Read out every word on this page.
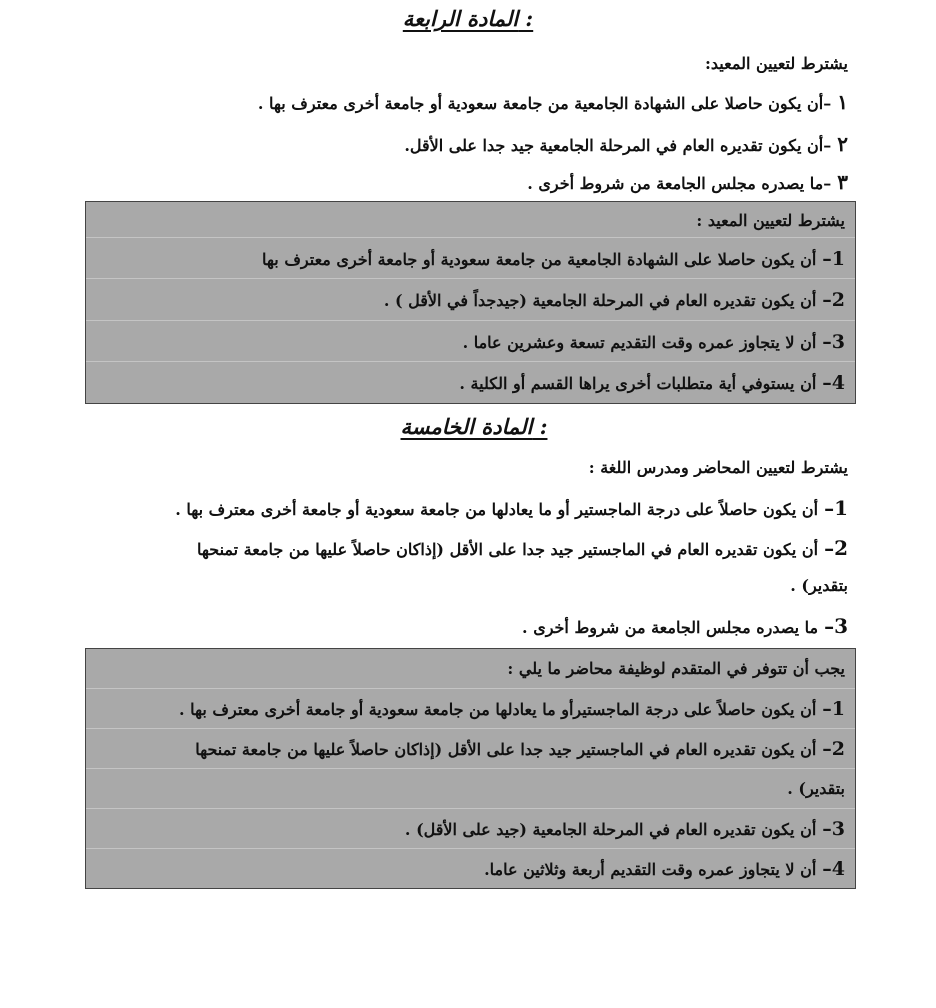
المادة الرابعة :
يشترط لتعيين المعيد:
١–أن يكون حاصلا على الشهادة الجامعية من جامعة سعودية أو جامعة أخرى معترف بها .
٢–أن يكون تقديره العام في المرحلة الجامعية جيد جدا على الأقل.
٣–ما يصدره مجلس الجامعة من شروط أخرى .
يشترط لتعيين المعيد :
1–أن يكون حاصلا على الشهادة الجامعية من جامعة سعودية أو جامعة أخرى معترف بها
2–أن يكون تقديره العام في المرحلة الجامعية (جيدجداً في الأقل ) .
3–أن لا يتجاوز عمره وقت التقديم تسعة وعشرين عاما .
4–أن يستوفي أية متطلبات أخرى يراها القسم أو الكلية .
المادة الخامسة :
يشترط لتعيين المحاضر ومدرس اللغة :
1–أن يكون حاصلاً على درجة الماجستير أو ما يعادلها من جامعة سعودية أو جامعة أخرى معترف بها .
2–أن يكون تقديره العام في الماجستير جيد جدا على الأقل (إذاكان حاصلاً عليها من جامعة تمنحها
بتقدير) .
3–ما يصدره مجلس الجامعة من شروط أخرى .
يجب أن تتوفر في المتقدم لوظيفة محاضر ما يلي :
1–أن يكون حاصلاً على درجة الماجستيرأو ما يعادلها من جامعة سعودية أو جامعة أخرى معترف بها .
2–أن يكون تقديره العام في الماجستير جيد جدا على الأقل (إذاكان حاصلاً عليها من جامعة تمنحها
بتقدير) .
3–أن يكون تقديره العام في المرحلة الجامعية (جيد على الأقل) .
4–أن لا يتجاوز عمره وقت التقديم أربعة وثلاثين عاما.
